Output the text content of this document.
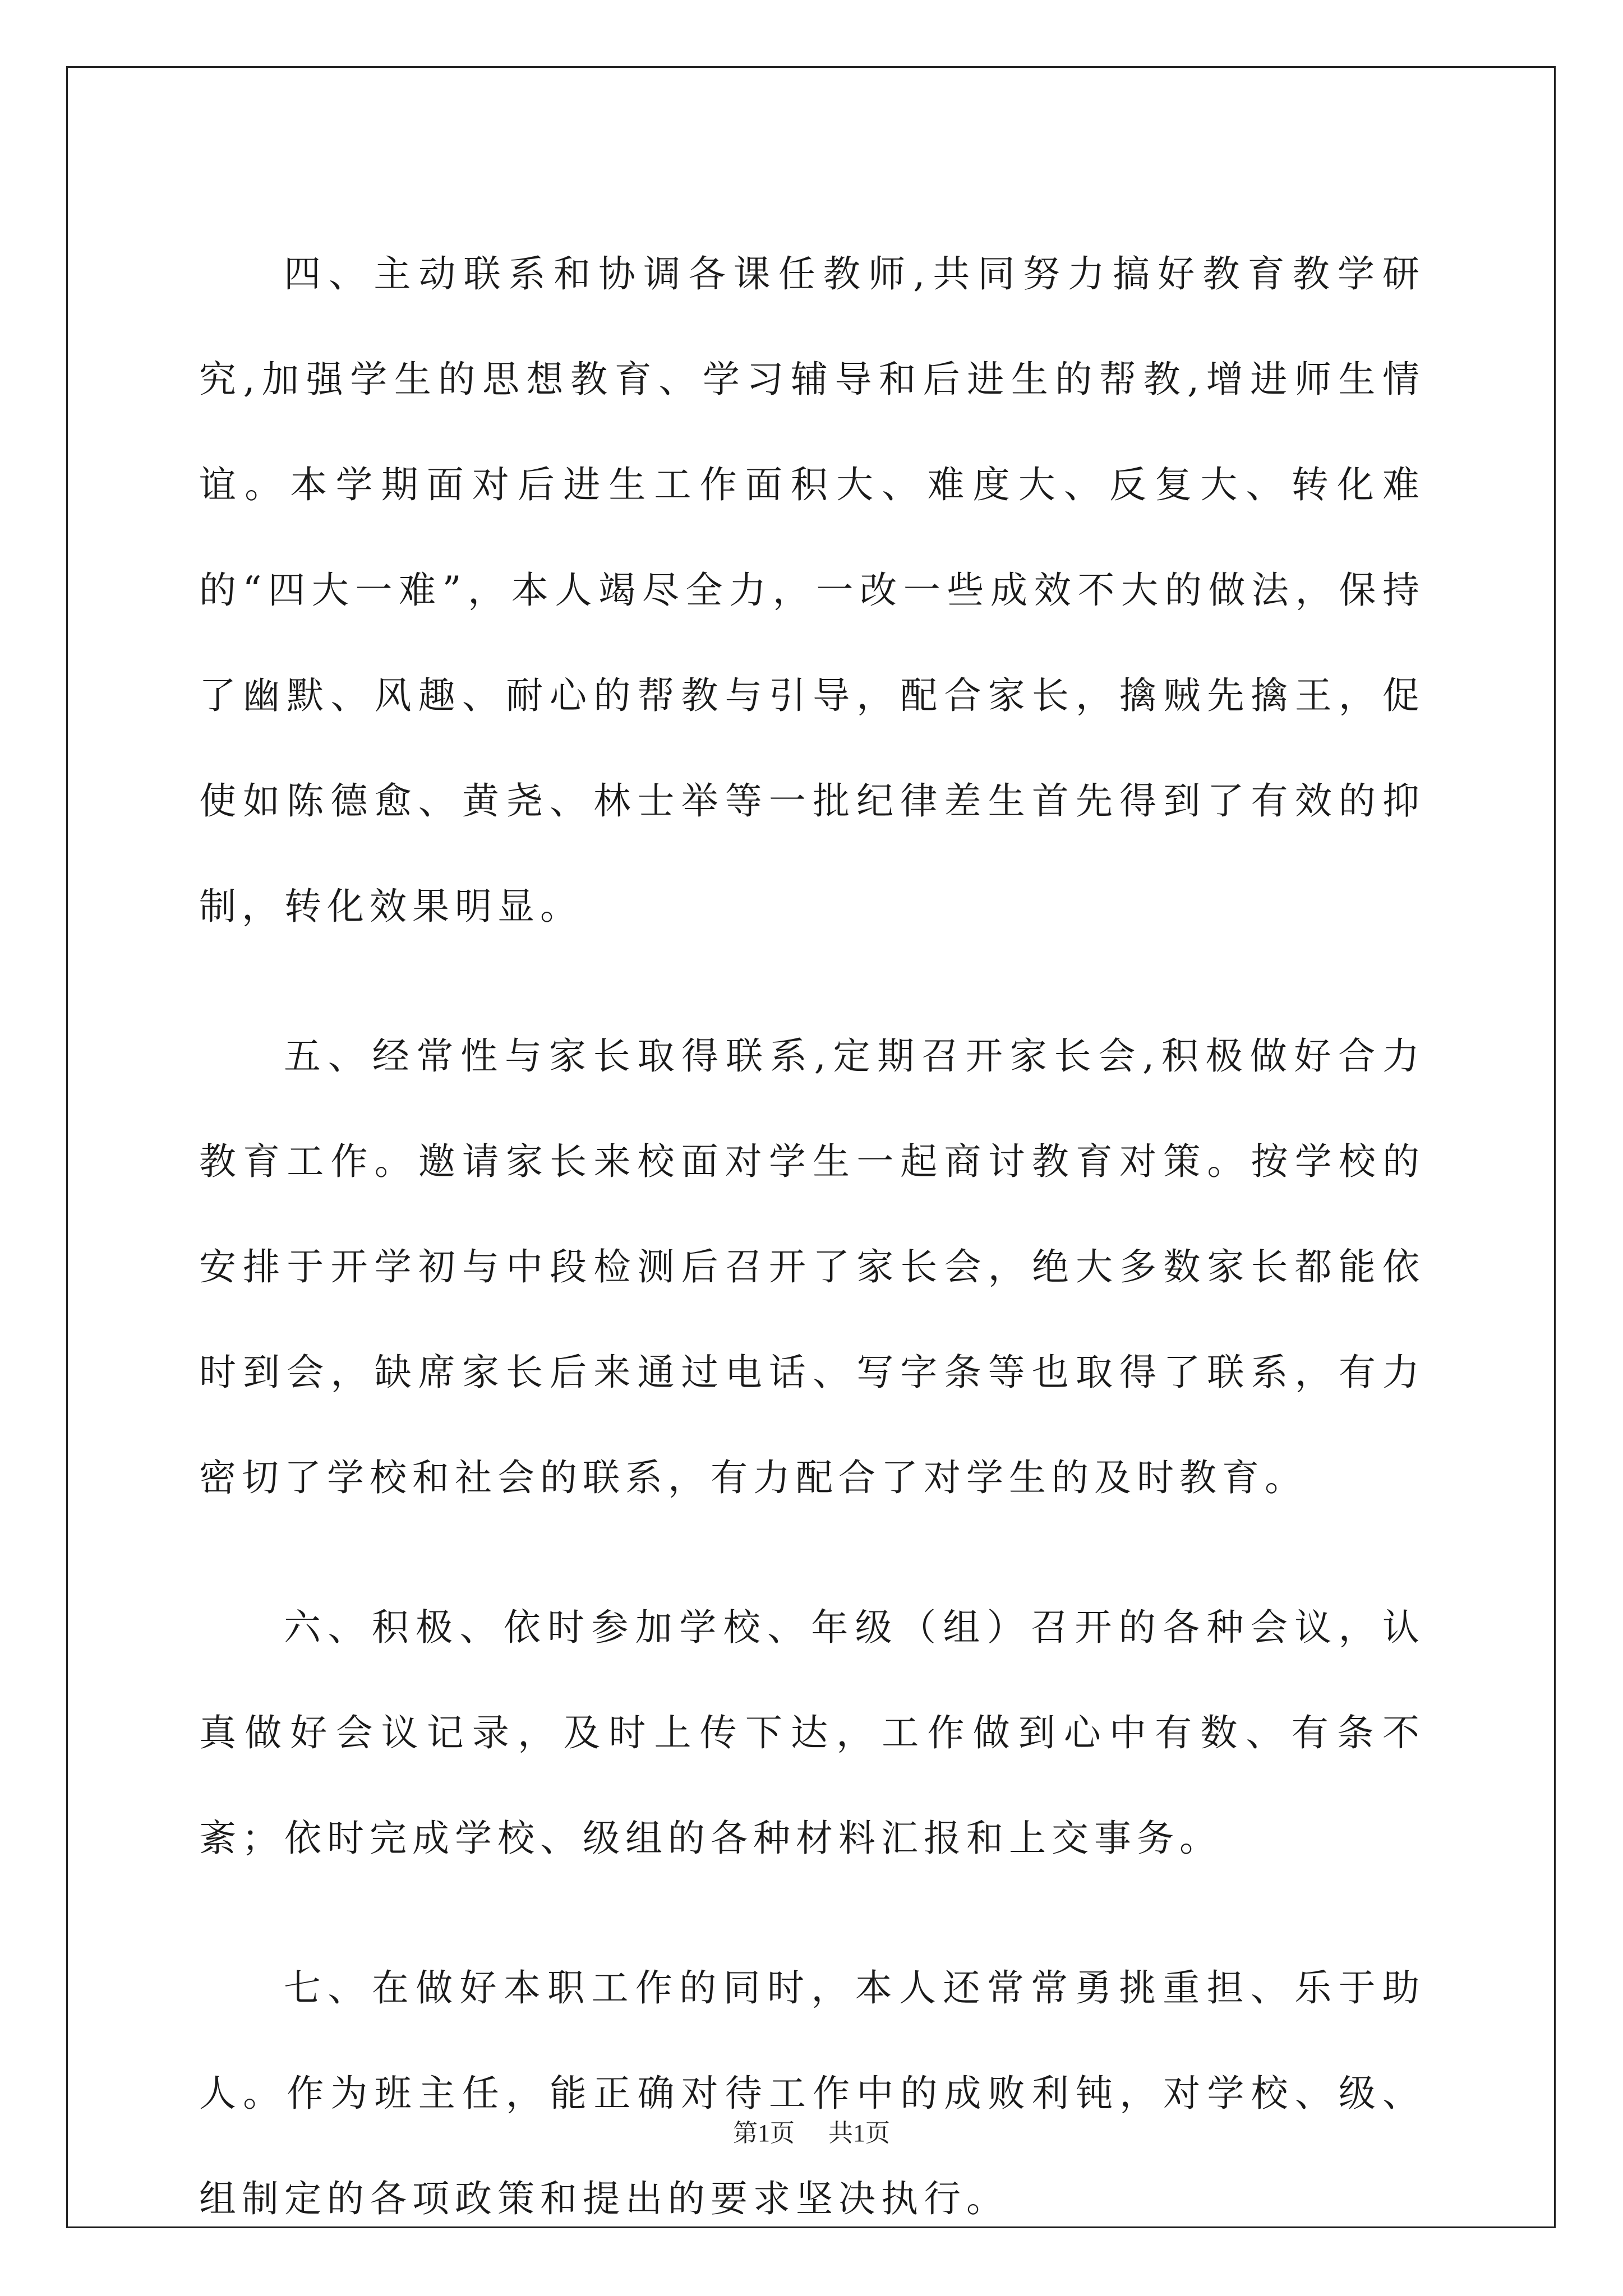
四、主动联系和协调各课任教师,共同努力搞好教育教学研究,加强学生的思想教育、学习辅导和后进生的帮教,增进师生情谊。本学期面对后进生工作面积大、难度大、反复大、转化难的“四大一难”，本人竭尽全力，一改一些成效不大的做法，保持了幽默、风趣、耐心的帮教与引导，配合家长，擒贼先擒王，促使如陈德愈、黄尧、林士举等一批纪律差生首先得到了有效的抑制，转化效果明显。

五、经常性与家长取得联系,定期召开家长会,积极做好合力教育工作。邀请家长来校面对学生一起商讨教育对策。按学校的安排于开学初与中段检测后召开了家长会，绝大多数家长都能依时到会，缺席家长后来通过电话、写字条等也取得了联系，有力密切了学校和社会的联系，有力配合了对学生的及时教育。

六、积极、依时参加学校、年级（组）召开的各种会议，认真做好会议记录，及时上传下达，工作做到心中有数、有条不紊；依时完成学校、级组的各种材料汇报和上交事务。

七、在做好本职工作的同时，本人还常常勇挑重担、乐于助人。作为班主任，能正确对待工作中的成败利钝，对学校、级、组制定的各项政策和提出的要求坚决执行。

第1页 共1页
